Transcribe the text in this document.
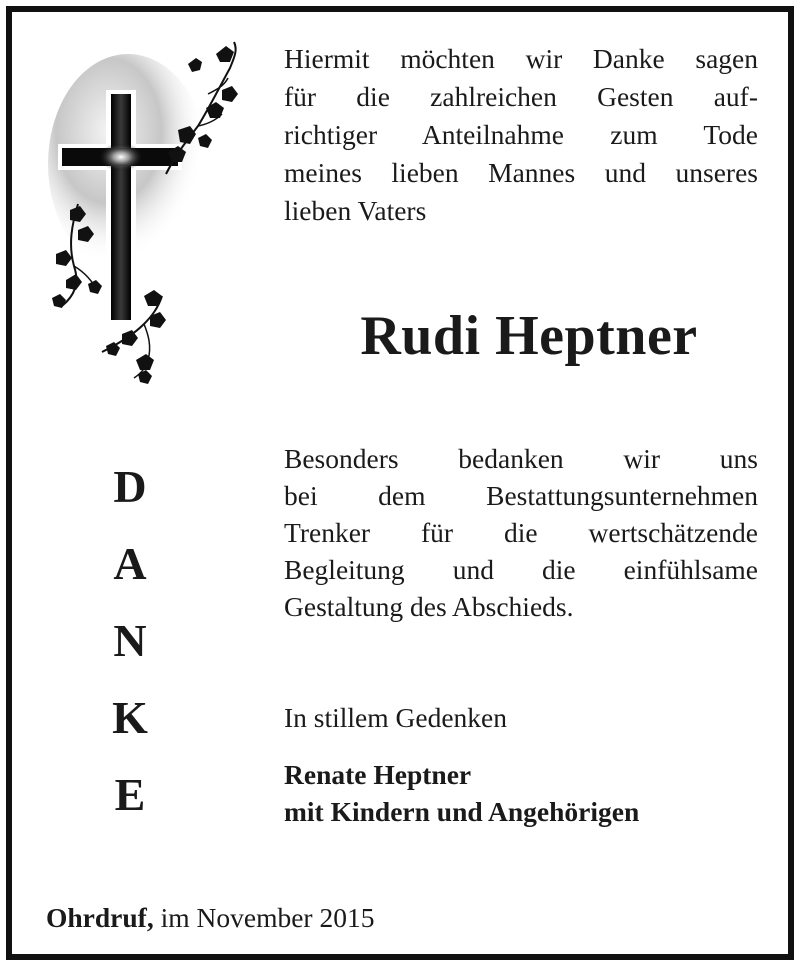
Hiermit möchten wir Danke sagen
für die zahlreichen Gesten auf-
richtiger Anteilnahme zum Tode
meines lieben Mannes und unseres
lieben Vaters

Rudi Heptner

Besonders bedanken wir uns
bei dem Bestattungsunternehmen
Trenker für die wertschätzende
Begleitung und die einfühlsame
Gestaltung des Abschieds.

D
A
N
K
E

In stillem Gedenken

Renate Heptner
mit Kindern und Angehörigen

Ohrdruf, im November 2015
